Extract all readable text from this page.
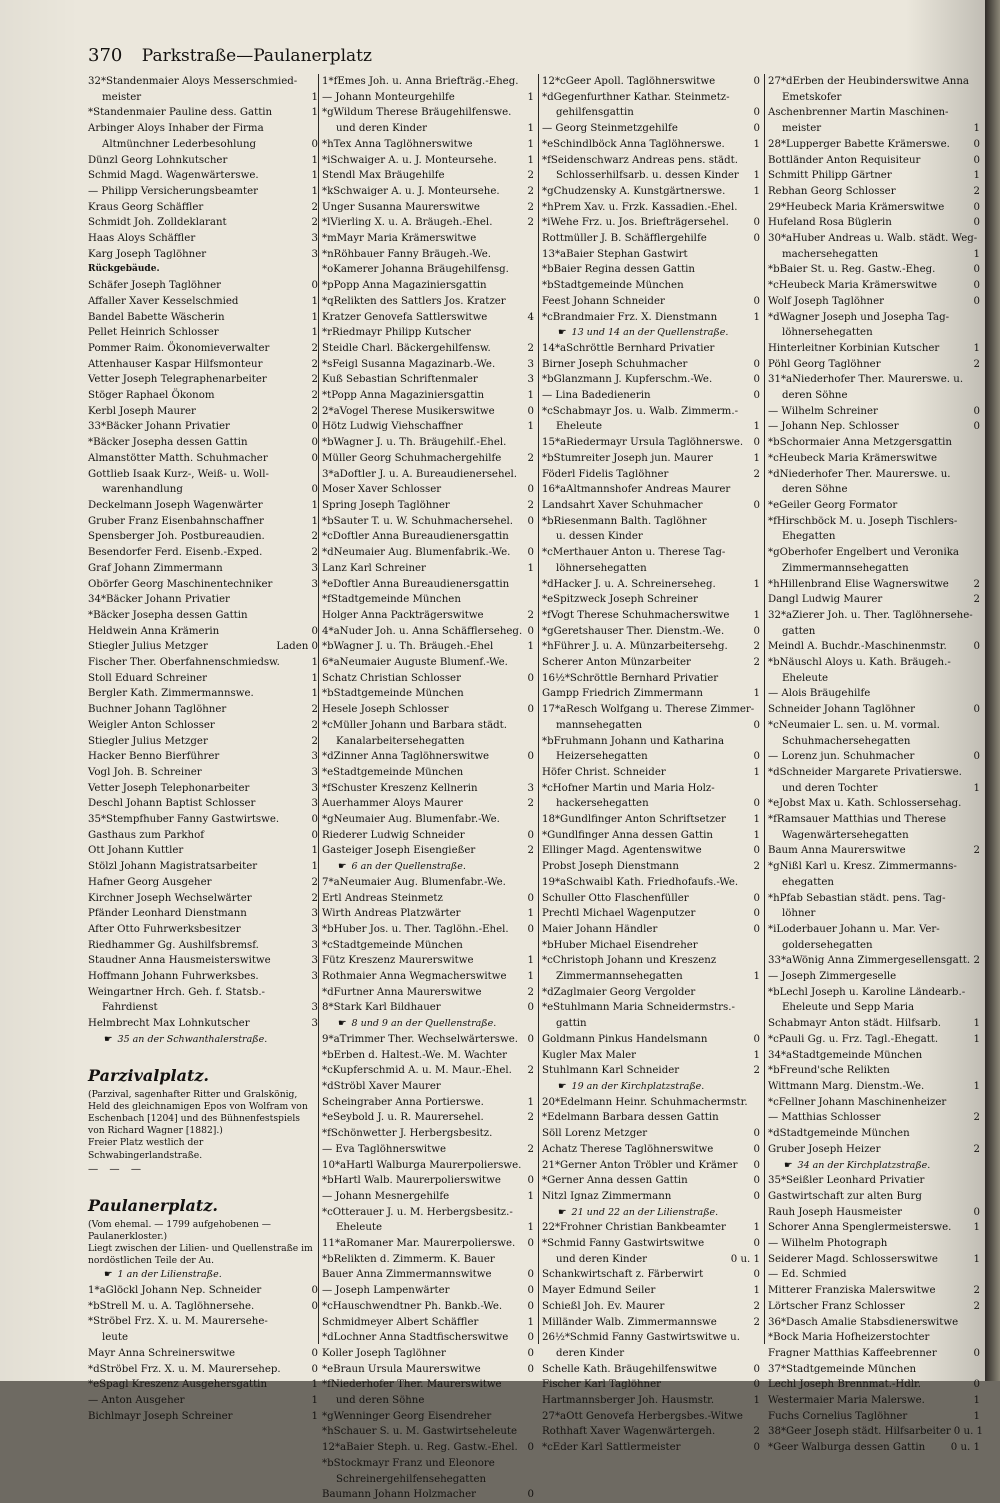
370 Parkstraße—Paulanerplatz
32*Standenmaier Aloys Messerschmied-
meister	1
*Standenmaier Pauline dess. Gattin	1
Arbinger Aloys Inhaber der Firma
Altmünchner Lederbesohlung	0
Dünzl Georg Lohnkutscher	1
Schmid Magd. Wagenwärterswe.	1
— Philipp Versicherungsbeamter	1
Kraus Georg Schäffler	2
Schmidt Joh. Zolldeklarant	2
Haas Aloys Schäffler	3
Karg Joseph Taglöhner	3
Rückgebäude.
Schäfer Joseph Taglöhner	0
Affaller Xaver Kesselschmied	1
Bandel Babette Wäscherin	1
Pellet Heinrich Schlosser	1
Pommer Raim. Ökonomieverwalter	2
Attenhauser Kaspar Hilfsmonteur	2
Vetter Joseph Telegraphenarbeiter	2
Stöger Raphael Ökonom	2
Kerbl Joseph Maurer	2
33*Bäcker Johann Privatier	0
*Bäcker Josepha dessen Gattin	0
Almanstötter Matth. Schuhmacher	0
Gottlieb Isaak Kurz-, Weiß- u. Woll-
warenhandlung	0
Deckelmann Joseph Wagenwärter	1
Gruber Franz Eisenbahnschaffner	1
Spensberger Joh. Postbureaudien.	2
Besendorfer Ferd. Eisenb.-Exped.	2
Graf Johann Zimmermann	3
Obörfer Georg Maschinentechniker	3
34*Bäcker Johann Privatier
*Bäcker Josepha dessen Gattin
Heldwein Anna Krämerin	0
Stiegler Julius Metzger	Laden 0
Fischer Ther. Oberfahnenschmiedsw.	1
Stoll Eduard Schreiner	1
Bergler Kath. Zimmermannswe.	1
Buchner Johann Taglöhner	2
Weigler Anton Schlosser	2
Stiegler Julius Metzger	2
Hacker Benno Bierführer	3
Vogl Joh. B. Schreiner	3
Vetter Joseph Telephonarbeiter	3
Deschl Johann Baptist Schlosser	3
35*Stempfhuber Fanny Gastwirtswe.	0
Gasthaus zum Parkhof	0
Ott Johann Kuttler	1
Stölzl Johann Magistratsarbeiter	1
Hafner Georg Ausgeher	2
Kirchner Joseph Wechselwärter	2
Pfänder Leonhard Dienstmann	3
After Otto Fuhrwerksbesitzer	3
Riedhammer Gg. Aushilfsbremsf.	3
Staudner Anna Hausmeisterswitwe	3
Hoffmann Johann Fuhrwerksbes.	3
Weingartner Hrch. Geh. f. Statsb.-
Fahrdienst	3
Helmbrecht Max Lohnkutscher	3
☛ 35 an der Schwanthalerstraße.
Parzivalplatz.
(Parzival, sagenhafter Ritter und Gralskönig, Held des gleichnamigen Epos von Wolfram von Eschenbach [1204] und des Bühnenfestspiels von Richard Wagner [1882].)
Freier Platz westlich der Schwabingerlandstraße.
— — —
Paulanerplatz.
(Vom ehemal. — 1799 aufgehobenen — Paulanerkloster.)
Liegt zwischen der Lilien- und Quellenstraße im nordöstlichen Teile der Au.
☛ 1 an der Lilienstraße.
1*aGlöckl Johann Nep. Schneider	0
*bStrell M. u. A. Taglöhnersehe.	0
*Ströbel Frz. X. u. M. Maurersehe-
leute
Mayr Anna Schreinerswitwe	0
*dStröbel Frz. X. u. M. Maurersehep.	0
*eSpagl Kreszenz Ausgehersgattin	1
— Anton Ausgeher	1
Bichlmayr Joseph Schreiner	1
1*fEmes Joh. u. Anna Briefträg.-Eheg.
— Johann Monteurgehilfe	1
*gWildum Therese Bräugehilfenswe.
und deren Kinder	1
*hTex Anna Taglöhnerswitwe	1
*iSchwaiger A. u. J. Monteursehe.	1
Stendl Max Bräugehilfe	2
*kSchwaiger A. u. J. Monteursehe.	2
Unger Susanna Maurerswitwe	2
*lVierling X. u. A. Bräugeh.-Ehel.	2
*mMayr Maria Krämerswitwe
*nRöhbauer Fanny Bräugeh.-We.
*oKamerer Johanna Bräugehilfensg.
*pPopp Anna Magaziniersgattin
*qRelikten des Sattlers Jos. Kratzer
Kratzer Genovefa Sattlerswitwe	4
*rRiedmayr Philipp Kutscher
Steidle Charl. Bäckergehilfensw.	2
*sFeigl Susanna Magazinarb.-We.	3
Kuß Sebastian Schriftenmaler	3
*tPopp Anna Magaziniersgattin	1
2*aVogel Therese Musikerswitwe	0
Hötz Ludwig Viehschaffner	1
*bWagner J. u. Th. Bräugehilf.-Ehel.
Müller Georg Schuhmachergehilfe	2
3*aDoftler J. u. A. Bureaudienersehel.
Moser Xaver Schlosser	0
Spring Joseph Taglöhner	2
*bSauter T. u. W. Schuhmachersehel.	0
*cDoftler Anna Bureaudienersgattin
*dNeumaier Aug. Blumenfabrik.-We.	0
Lanz Karl Schreiner	1
*eDoftler Anna Bureaudienersgattin
*fStadtgemeinde München
Holger Anna Packträgerswitwe	2
4*aNuder Joh. u. Anna Schäfflerseheg. 0
*bWagner J. u. Th. Bräugeh.-Ehel	1
6*aNeumaier Auguste Blumenf.-We.
Schatz Christian Schlosser	0
*bStadtgemeinde München
Hesele Joseph Schlosser	0
*cMüller Johann und Barbara städt.
Kanalarbeitersehegatten
*dZinner Anna Taglöhnerswitwe	0
*eStadtgemeinde München
*fSchuster Kreszenz Kellnerin	3
Auerhammer Aloys Maurer	2
*gNeumaier Aug. Blumenfabr.-We.
Riederer Ludwig Schneider	0
Gasteiger Joseph Eisengießer	2
☛ 6 an der Quellenstraße.
7*aNeumaier Aug. Blumenfabr.-We.
Ertl Andreas Steinmetz	0
Wirth Andreas Platzwärter	1
*bHuber Jos. u. Ther. Taglöhn.-Ehel.	0
*cStadtgemeinde München
Fütz Kreszenz Maurerswitwe	1
Rothmaier Anna Wegmacherswitwe	1
*dFurtner Anna Maurerswitwe	2
8*Stark Karl Bildhauer	0
☛ 8 und 9 an der Quellenstraße.
9*aTrimmer Ther. Wechselwärterswe. 0
*bErben d. Haltest.-We. M. Wachter
*cKupferschmid A. u. M. Maur.-Ehel.	2
*dStröbl Xaver Maurer
Scheingraber Anna Portierswe.	1
*eSeybold J. u. R. Maurersehel.	2
*fSchönwetter J. Herbergsbesitz.
— Eva Taglöhnerswitwe	2
10*aHartl Walburga Maurerpolierswe.
*bHartl Walb. Maurerpolierswitwe	0
— Johann Mesnergehilfe	1
*cOtterauer J. u. M. Herbergsbesitz.-
Eheleute	1
11*aRomaner Mar. Maurerpolierswe.	0
*bRelikten d. Zimmerm. K. Bauer
Bauer Anna Zimmermannswitwe	0
— Joseph Lampenwärter	0
*cHauschwendtner Ph. Bankb.-We.	0
Schmidmeyer Albert Schäffler	1
*dLochner Anna Stadtfischerswitwe	0
Koller Joseph Taglöhner	0
*eBraun Ursula Maurerswitwe	0
*fNiederhofer Ther. Maurerswitwe
und deren Söhne
*gWenninger Georg Eisendreher
*hSchauer S. u. M. Gastwirtseheleute
12*aBaier Steph. u. Reg. Gastw.-Ehel. 0
*bStockmayr Franz und Eleonore
Schreinergehilfensehegatten
Baumann Johann Holzmacher	0
12*cGeer Apoll. Taglöhnerswitwe	0
*dGegenfurthner Kathar. Steinmetz-
gehilfensgattin	0
— Georg Steinmetzgehilfe	0
*eSchindlböck Anna Taglöhnerswe.	1
*fSeidenschwarz Andreas pens. städt.
Schlosserhilfsarb. u. dessen Kinder	1
*gChudzensky A. Kunstgärtnerswe.	1
*hPrem Xav. u. Frzk. Kassadien.-Ehel.
*iWehe Frz. u. Jos. Briefträgersehel.	0
Rottmüller J. B. Schäfflergehilfe	0
13*aBaier Stephan Gastwirt
*bBaier Regina dessen Gattin
*bStadtgemeinde München
Feest Johann Schneider	0
*cBrandmaier Frz. X. Dienstmann	1
☛ 13 und 14 an der Quellenstraße.
14*aSchröttle Bernhard Privatier
Birner Joseph Schuhmacher	0
*bGlanzmann J. Kupferschm.-We.	0
— Lina Badedienerin	0
*cSchabmayr Jos. u. Walb. Zimmerm.-
Eheleute	1
15*aRiedermayr Ursula Taglöhnerswe.	0
*bStumreiter Joseph jun. Maurer	1
Föderl Fidelis Taglöhner	2
16*aAltmannshofer Andreas Maurer
Landsahrt Xaver Schuhmacher	0
*bRiesenmann Balth. Taglöhner
u. dessen Kinder
*cMerthauer Anton u. Therese Tag-
löhnersehegatten
*dHacker J. u. A. Schreinerseheg.	1
*eSpitzweck Joseph Schreiner
*fVogt Therese Schuhmacherswitwe	1
*gGeretshauser Ther. Dienstm.-We.	0
*hFührer J. u. A. Münzarbeitersehg.	2
Scherer Anton Münzarbeiter	2
16½*Schröttle Bernhard Privatier
Gampp Friedrich Zimmermann	1
17*aResch Wolfgang u. Therese Zimmer-
mannsehegatten	0
*bFruhmann Johann und Katharina
Heizersehegatten	0
Höfer Christ. Schneider	1
*cHofner Martin und Maria Holz-
hackersehegatten	0
18*Gundlfinger Anton Schriftsetzer	1
*Gundlfinger Anna dessen Gattin	1
Ellinger Magd. Agentenswitwe	0
Probst Joseph Dienstmann	2
19*aSchwaibl Kath. Friedhofaufs.-We.
Schuller Otto Flaschenfüller	0
Prechtl Michael Wagenputzer	0
Maier Johann Händler	0
*bHuber Michael Eisendreher
*cChristoph Johann und Kreszenz
Zimmermannsehegatten	1
*dZaglmaier Georg Vergolder
*eStuhlmann Maria Schneidermstrs.-
gattin
Goldmann Pinkus Handelsmann	0
Kugler Max Maler	1
Stuhlmann Karl Schneider	2
☛ 19 an der Kirchplatzstraße.
20*Edelmann Heinr. Schuhmachermstr.
*Edelmann Barbara dessen Gattin
Söll Lorenz Metzger	0
Achatz Therese Taglöhnerswitwe	0
21*Gerner Anton Tröbler und Krämer	0
*Gerner Anna dessen Gattin	0
Nitzl Ignaz Zimmermann	0
☛ 21 und 22 an der Lilienstraße.
22*Frohner Christian Bankbeamter	1
*Schmid Fanny Gastwirtswitwe	0
und deren Kinder	0 u. 1
Schankwirtschaft z. Färberwirt	0
Mayer Edmund Seiler	1
Schießl Joh. Ev. Maurer	2
Milländer Walb. Zimmermannswe	2
26½*Schmid Fanny Gastwirtswitwe u.
deren Kinder
Schelle Kath. Bräugehilfenswitwe	0
Fischer Karl Taglöhner	0
Hartmannsberger Joh. Hausmstr.	1
27*aOtt Genovefa Herbergsbes.-Witwe
Rothhaft Xaver Wagenwärtergeh.	2
*cEder Karl Sattlermeister	0
27*dErben der Heubinderswitwe Anna
Emetskofer
Aschenbrenner Martin Maschinen-
meister	1
28*Lupperger Babette Krämerswe.	0
Bottländer Anton Requisiteur	0
Schmitt Philipp Gärtner	1
Rebhan Georg Schlosser	2
29*Heubeck Maria Krämerswitwe	0
Hufeland Rosa Büglerin	0
30*aHuber Andreas u. Walb. städt. Weg-
machersehegatten	1
*bBaier St. u. Reg. Gastw.-Eheg.	0
*cHeubeck Maria Krämerswitwe	0
Wolf Joseph Taglöhner	0
*dWagner Joseph und Josepha Tag-
löhnersehegatten
Hinterleitner Korbinian Kutscher	1
Pöhl Georg Taglöhner	2
31*aNiederhofer Ther. Maurerswe. u.
deren Söhne
— Wilhelm Schreiner	0
— Johann Nep. Schlosser	0
*bSchormaier Anna Metzgersgattin
*cHeubeck Maria Krämerswitwe
*dNiederhofer Ther. Maurerswe. u.
deren Söhne
*eGeiler Georg Formator
*fHirschböck M. u. Joseph Tischlers-
Ehegatten
*gOberhofer Engelbert und Veronika
Zimmermannsehegatten
*hHillenbrand Elise Wagnerswitwe	2
Dangl Ludwig Maurer	2
32*aZierer Joh. u. Ther. Taglöhnersehe-
gatten
Meindl A. Buchdr.-Maschinenmstr.	0
*bNäuschl Aloys u. Kath. Bräugeh.-
Eheleute
— Alois Bräugehilfe
Schneider Johann Taglöhner	0
*cNeumaier L. sen. u. M. vormal.
Schuhmachersehegatten
— Lorenz jun. Schuhmacher	0
*dSchneider Margarete Privatierswe.
und deren Tochter	1
*eJobst Max u. Kath. Schlossersehag.
*fRamsauer Matthias und Therese
Wagenwärtersehegatten
Baum Anna Maurerswitwe	2
*gNißl Karl u. Kresz. Zimmermanns-
ehegatten
*hPfab Sebastian städt. pens. Tag-
löhner
*iLoderbauer Johann u. Mar. Ver-
goldersehegatten
33*aWönig Anna Zimmergesellensgatt. 2
— Joseph Zimmergeselle
*bLechl Joseph u. Karoline Ländearb.-
Eheleute und Sepp Maria
Schabmayr Anton städt. Hilfsarb.	1
*cPauli Gg. u. Frz. Tagl.-Ehegatt.	1
34*aStadtgemeinde München
*bFreund'sche Relikten
Wittmann Marg. Dienstm.-We.	1
*cFellner Johann Maschinenheizer
— Matthias Schlosser	2
*dStadtgemeinde München
Gruber Joseph Heizer	2
☛ 34 an der Kirchplatzstraße.
35*Seißler Leonhard Privatier
Gastwirtschaft zur alten Burg
Rauh Joseph Hausmeister	0
Schorer Anna Spenglermeisterswe.	1
— Wilhelm Photograph
Seiderer Magd. Schlosserswitwe	1
— Ed. Schmied
Mitterer Franziska Malerswitwe	2
Lörtscher Franz Schlosser	2
36*Dasch Amalie Stabsdienerswitwe
*Bock Maria Hofheizerstochter
Fragner Matthias Kaffeebrenner	0
37*Stadtgemeinde München
Lechl Joseph Brennmat.-Hdlr.	0
Westermaier Maria Malerswe.	1
Fuchs Cornelius Taglöhner	1
38*Geer Joseph städt. Hilfsarbeiter 0 u. 1
*Geer Walburga dessen Gattin	0 u. 1
